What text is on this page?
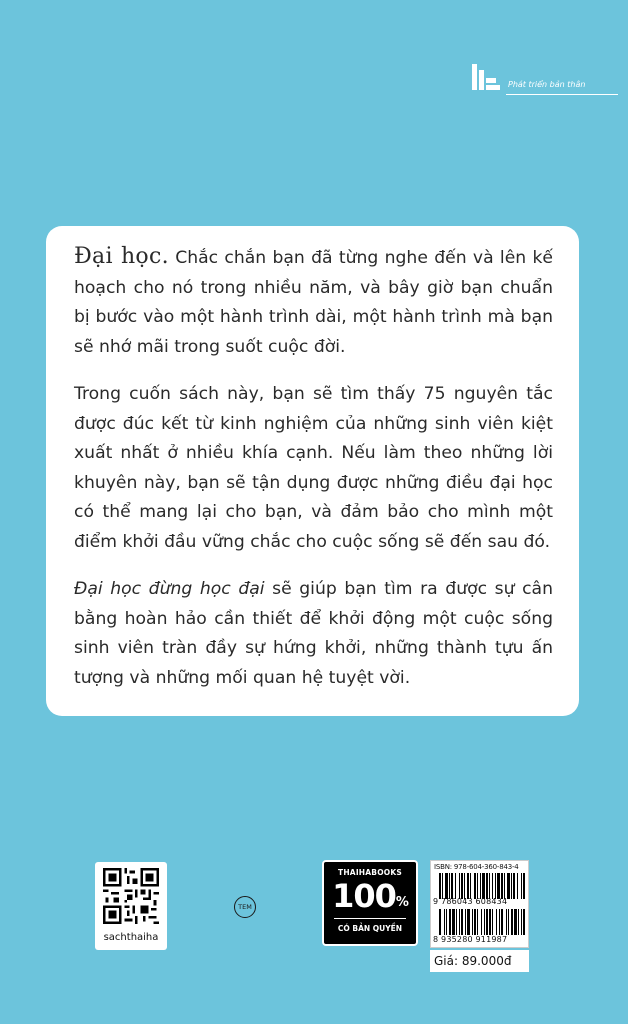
Phát triển bản thân

Đại học. Chắc chắn bạn đã từng nghe đến và lên kế hoạch cho nó trong nhiều năm, và bây giờ bạn chuẩn bị bước vào một hành trình dài, một hành trình mà bạn sẽ nhớ mãi trong suốt cuộc đời.

Trong cuốn sách này, bạn sẽ tìm thấy 75 nguyên tắc được đúc kết từ kinh nghiệm của những sinh viên kiệt xuất nhất ở nhiều khía cạnh. Nếu làm theo những lời khuyên này, bạn sẽ tận dụng được những điều đại học có thể mang lại cho bạn, và đảm bảo cho mình một điểm khởi đầu vững chắc cho cuộc sống sẽ đến sau đó.

Đại học đừng học đại sẽ giúp bạn tìm ra được sự cân bằng hoàn hảo cần thiết để khởi động một cuộc sống sinh viên tràn đầy sự hứng khởi, những thành tựu ấn tượng và những mối quan hệ tuyệt vời.

sachthaiha
TEM
THAIHABOOKS
100%
CÓ BẢN QUYỀN
ISBN: 978-604-360-843-4
9 786043 608434
8 935280 911987
Giá: 89.000đ
